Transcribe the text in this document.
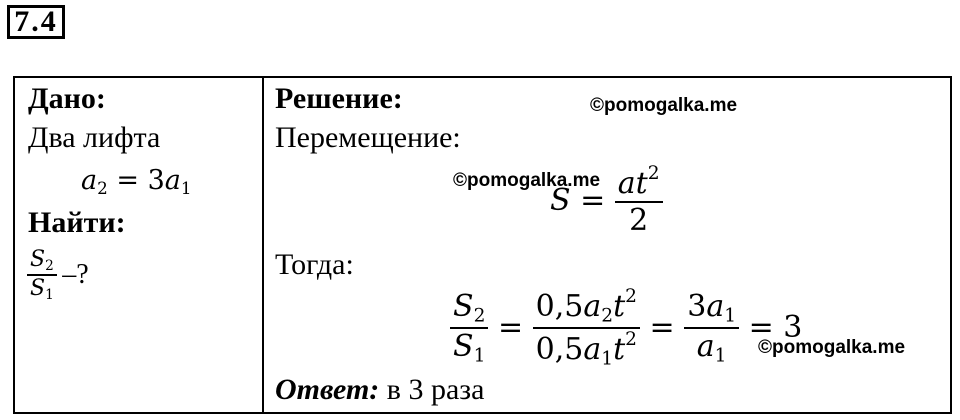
7.4
Дано:
Два лифта
$a_2 = 3a_1$
Найти:
$\frac{S_2}{S_1}$ –?
Решение:
Перемещение:
$S = \frac{at^2}{2}$
Тогда:
$\frac{S_2}{S_1} = \frac{0,5a_2t^2}{0,5a_1t^2} = \frac{3a_1}{a_1} = 3$
Ответ: в 3 раза
©pomogalka.me
©pomogalka.me
©pomogalka.me
